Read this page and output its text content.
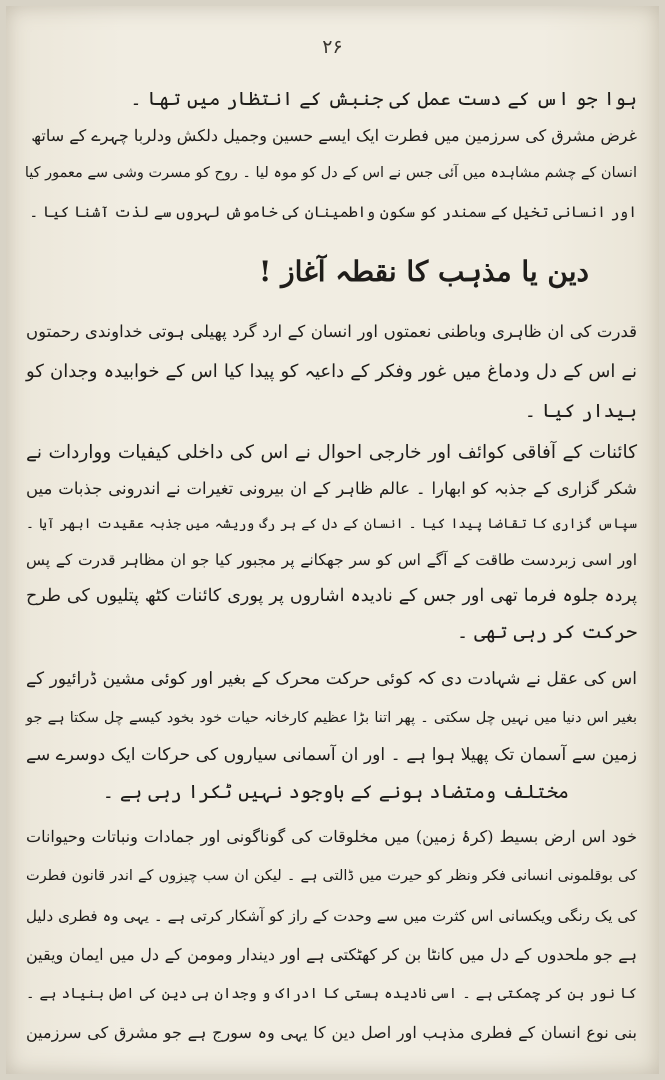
۲۶
ہوا جو اس کے دست عمل کی جنبش کے انتظار میں تھا ۔
غرض مشرق کی سرزمین میں فطرت ایک ایسے حسین وجمیل دلکش ودلربا چہرے کے ساتھ
انسان کے چشم مشاہدہ میں آئی جس نے اس کے دل کو موہ لیا ۔ روح کو مسرت وشی سے معمور کیا
اور انسانی تخیل کے سمندر کو سکون واطمینان کی خاموش لہروں سے لذت آشنا کیا ۔
دین یا مذہب کا نقطہ آغاز !
قدرت کی ان ظاہری وباطنی نعمتوں اور انسان کے ارد گرد پھیلی ہوتی خداوندی رحمتوں
نے اس کے دل ودماغ میں غور وفکر کے داعیہ کو پیدا کیا اس کے خوابیدہ وجدان کو
بیدار کیا ۔
کائنات کے آفاقی کوائف اور خارجی احوال نے اس کی داخلی کیفیات وواردات نے
شکر گزاری کے جذبہ کو ابھارا ۔ عالم ظاہر کے ان بیرونی تغیرات نے اندرونی جذبات میں
سپاس گزاری کا تقاضا پیدا کیا ۔ انسان کے دل کے ہر رگ وریشہ میں جذبہ عقیدت ابھر آیا ۔
اور اسی زبردست طاقت کے آگے اس کو سر جھکانے پر مجبور کیا جو ان مظاہر قدرت کے پس
پردہ جلوہ فرما تھی اور جس کے نادیدہ اشاروں پر پوری کائنات کٹھ پتلیوں کی طرح
حرکت کر رہی تھی ۔
اس کی عقل نے شہادت دی کہ کوئی حرکت محرک کے بغیر اور کوئی مشین ڈرائیور کے
بغیر اس دنیا میں نہیں چل سکتی ۔ پھر اتنا بڑا عظیم کارخانہ حیات خود بخود کیسے چل سکتا ہے جو
زمین سے آسمان تک پھیلا ہوا ہے ۔ اور ان آسمانی سیاروں کی حرکات ایک دوسرے سے
مختلف ومتضاد ہونے کے باوجود نہیں ٹکرا رہی ہے ۔
خود اس ارض بسیط (کرۂ زمین) میں مخلوقات کی گوناگونی اور جمادات ونباتات وحیوانات
کی بوقلمونی انسانی فکر ونظر کو حیرت میں ڈالتی ہے ۔ لیکن ان سب چیزوں کے اندر قانون فطرت
کی یک رنگی ویکسانی اس کثرت میں سے وحدت کے راز کو آشکار کرتی ہے ۔ یہی وہ فطری دلیل
ہے جو ملحدوں کے دل میں کانٹا بن کر کھٹکتی ہے اور دیندار ومومن کے دل میں ایمان ویقین
کا نور بن کر چمکتی ہے ۔ اسی نادیدہ ہستی کا ادراک و وجدان ہی دین کی اصل بنیاد ہے ۔
بنی نوع انسان کے فطری مذہب اور اصل دین کا یہی وہ سورج ہے جو مشرق کی سرزمین
